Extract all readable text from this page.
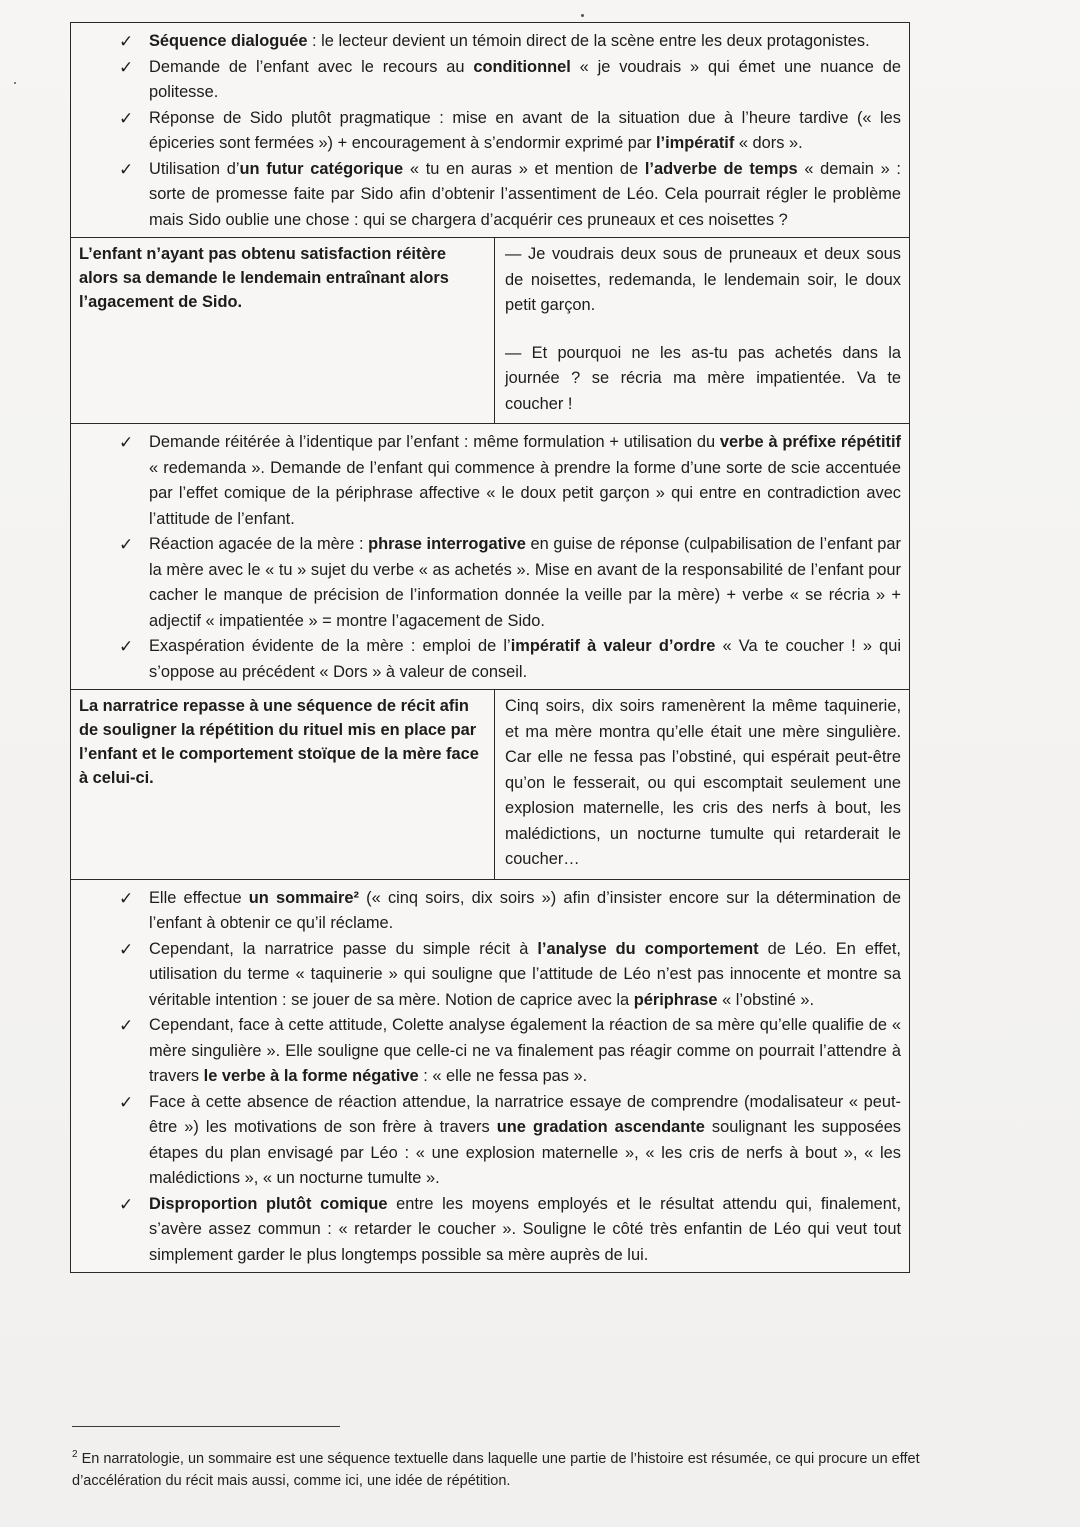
✓ Séquence dialoguée : le lecteur devient un témoin direct de la scène entre les deux protagonistes.

✓ Demande de l’enfant avec le recours au conditionnel « je voudrais » qui émet une nuance de politesse.

✓ Réponse de Sido plutôt pragmatique : mise en avant de la situation due à l’heure tardive (« les épiceries sont fermées ») + encouragement à s’endormir exprimé par l’impératif « dors ».

✓ Utilisation d’un futur catégorique « tu en auras » et mention de l’adverbe de temps « demain » : sorte de promesse faite par Sido afin d’obtenir l’assentiment de Léo. Cela pourrait régler le problème mais Sido oublie une chose : qui se chargera d’acquérir ces pruneaux et ces noisettes ?

L’enfant n’ayant pas obtenu satisfaction réitère alors sa demande le lendemain entraînant alors l’agacement de Sido.

— Je voudrais deux sous de pruneaux et deux sous de noisettes, redemanda, le lendemain soir, le doux petit garçon.

— Et pourquoi ne les as-tu pas achetés dans la journée ? se récria ma mère impatientée. Va te coucher !

✓ Demande réitérée à l’identique par l’enfant : même formulation + utilisation du verbe à préfixe répétitif « redemanda ». Demande de l’enfant qui commence à prendre la forme d’une sorte de scie accentuée par l’effet comique de la périphrase affective « le doux petit garçon » qui entre en contradiction avec l’attitude de l’enfant.

✓ Réaction agacée de la mère : phrase interrogative en guise de réponse (culpabilisation de l’enfant par la mère avec le « tu » sujet du verbe « as achetés ». Mise en avant de la responsabilité de l’enfant pour cacher le manque de précision de l’information donnée la veille par la mère) + verbe « se récria » + adjectif « impatientée » = montre l’agacement de Sido.

✓ Exaspération évidente de la mère : emploi de l’impératif à valeur d’ordre « Va te coucher ! » qui s’oppose au précédent « Dors » à valeur de conseil.

La narratrice repasse à une séquence de récit afin de souligner la répétition du rituel mis en place par l’enfant et le comportement stoïque de la mère face à celui-ci.

Cinq soirs, dix soirs ramenèrent la même taquinerie, et ma mère montra qu’elle était une mère singulière. Car elle ne fessa pas l’obstiné, qui espérait peut-être qu’on le fesserait, ou qui escomptait seulement une explosion maternelle, les cris des nerfs à bout, les malédictions, un nocturne tumulte qui retarderait le coucher…

✓ Elle effectue un sommaire² (« cinq soirs, dix soirs ») afin d’insister encore sur la détermination de l’enfant à obtenir ce qu’il réclame.

✓ Cependant, la narratrice passe du simple récit à l’analyse du comportement de Léo. En effet, utilisation du terme « taquinerie » qui souligne que l’attitude de Léo n’est pas innocente et montre sa véritable intention : se jouer de sa mère. Notion de caprice avec la périphrase « l’obstiné ».

✓ Cependant, face à cette attitude, Colette analyse également la réaction de sa mère qu’elle qualifie de « mère singulière ». Elle souligne que celle-ci ne va finalement pas réagir comme on pourrait l’attendre à travers le verbe à la forme négative : « elle ne fessa pas ».

✓ Face à cette absence de réaction attendue, la narratrice essaye de comprendre (modalisateur « peut-être ») les motivations de son frère à travers une gradation ascendante soulignant les supposées étapes du plan envisagé par Léo : « une explosion maternelle », « les cris de nerfs à bout », « les malédictions », « un nocturne tumulte ».

✓ Disproportion plutôt comique entre les moyens employés et le résultat attendu qui, finalement, s’avère assez commun : « retarder le coucher ». Souligne le côté très enfantin de Léo qui veut tout simplement garder le plus longtemps possible sa mère auprès de lui.

$^2$ En narratologie, un sommaire est une séquence textuelle dans laquelle une partie de l’histoire est résumée, ce qui procure un effet d’accélération du récit mais aussi, comme ici, une idée de répétition.
